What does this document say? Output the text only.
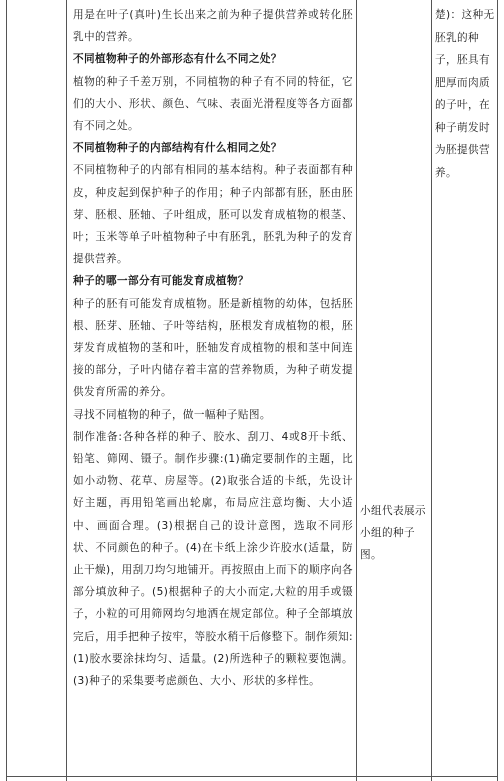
用是在叶子(真叶)生长出来之前为种子提供营养或转化胚乳中的营养。

不同植物种子的外部形态有什么不同之处？

植物的种子千差万别，不同植物的种子有不同的特征，它们的大小、形状、颜色、气味、表面光滑程度等各方面都有不同之处。

不同植物种子的内部结构有什么相同之处？

不同植物种子的内部有相同的基本结构。种子表面都有种皮，种皮起到保护种子的作用；种子内部都有胚，胚由胚芽、胚根、胚轴、子叶组成，胚可以发育成植物的根茎、叶；玉米等单子叶植物种子中有胚乳，胚乳为种子的发育提供营养。

种子的哪一部分有可能发育成植物？

种子的胚有可能发育成植物。胚是新植物的幼体，包括胚根、胚芽、胚轴、子叶等结构，胚根发育成植物的根，胚芽发育成植物的茎和叶，胚轴发育成植物的根和茎中间连接的部分，子叶内储存着丰富的营养物质，为种子萌发提供发育所需的养分。

寻找不同植物的种子，做一幅种子贴图。

制作准备:各种各样的种子、胶水、刮刀、4或8开卡纸、铅笔、筛网、镊子。制作步骤:(1)确定要制作的主题，比如小动物、花草、房屋等。(2)取张合适的卡纸，先设计好主题，再用铅笔画出轮廓，布局应注意均衡、大小适中、画面合理。(3)根据自己的设计意图，选取不同形状、不同颜色的种子。(4)在卡纸上涂少许胶水(适量，防止干燥)，用刮刀均匀地铺开。再按照由上而下的顺序向各部分填放种子。(5)根据种子的大小而定,大粒的用手或镊子，小粒的可用筛网均匀地洒在规定部位。种子全部填放完后，用手把种子按牢，等胶水稍干后修整下。制作须知:(1)胶水要涂抹均匀、适量。(2)所选种子的颗粒要饱满。(3)种子的采集要考虑颜色、大小、形状的多样性。

小组代表展示小组的种子图。
楚)：这种无胚乳的种子，胚具有肥厚而肉质的子叶，在种子萌发时为胚提供营养。
